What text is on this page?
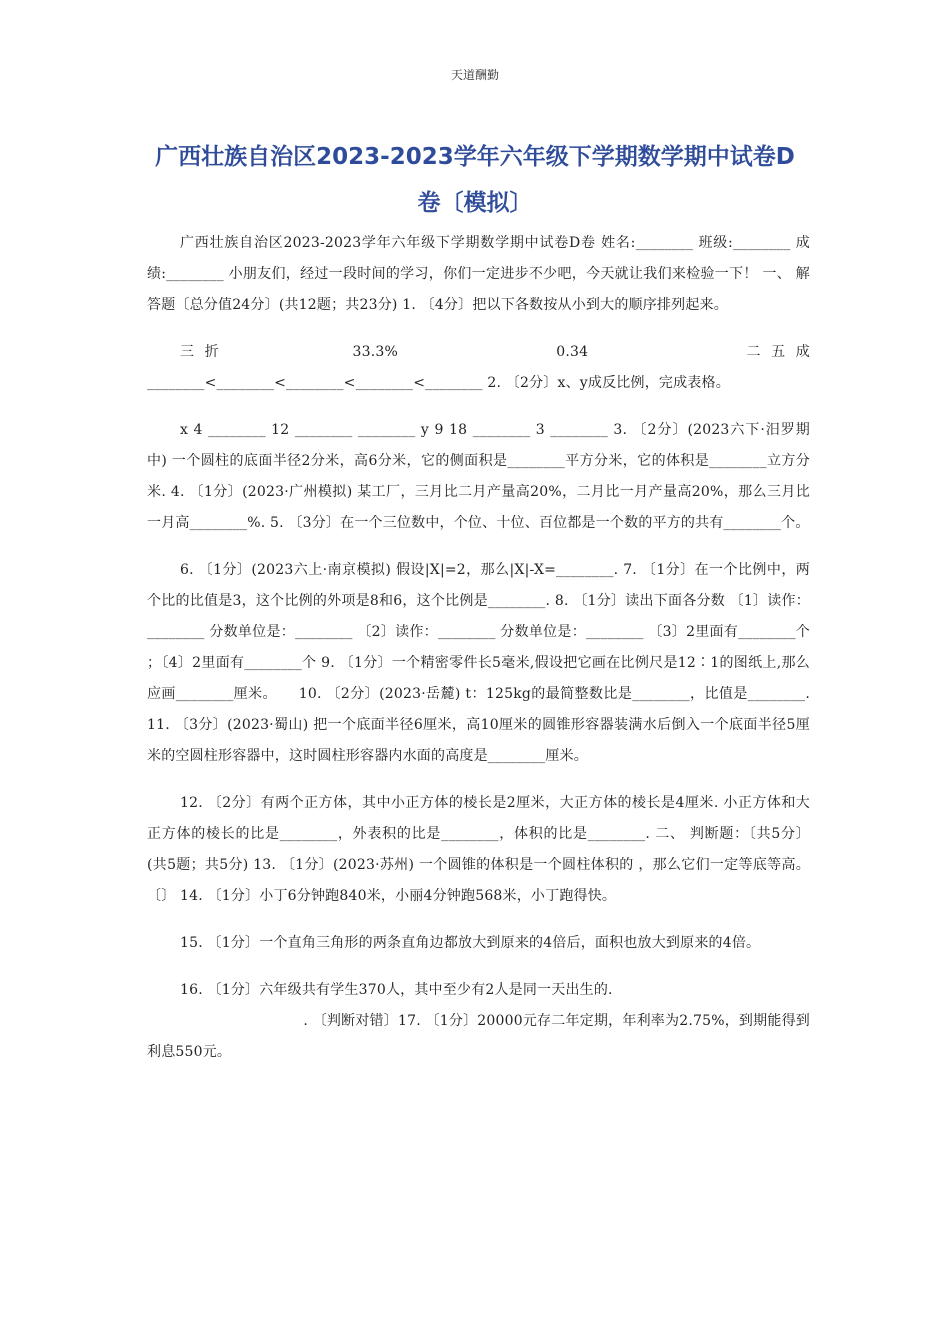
天道酬勤
广西壮族自治区2023-2023学年六年级下学期数学期中试卷D
卷〔模拟〕

广西壮族自治区2023-2023学年六年级下学期数学期中试卷D卷 姓名:________ 班级:________ 成绩:________ 小朋友们，经过一段时间的学习，你们一定进步不少吧，今天就让我们来检验一下！ 一、 解答题〔总分值24分〕(共12题；共23分) 1. 〔4分〕把以下各数按从小到大的顺序排列起来。

三折　　　　　33.3%　　　　　　0.34　　　　　　二五成 ________<________<________<________<________ 2. 〔2分〕x、y成反比例，完成表格。

x 4 ________ 12 ________ ________ y 9 18 ________ 3 ________ 3. 〔2分〕(2023六下·汨罗期中) 一个圆柱的底面半径2分米，高6分米，它的侧面积是________平方分米，它的体积是________立方分米. 4. 〔1分〕(2023·广州模拟) 某工厂，三月比二月产量高20%，二月比一月产量高20%，那么三月比一月高________%. 5. 〔3分〕在一个三位数中，个位、十位、百位都是一个数的平方的共有________个。

6. 〔1分〕(2023六上·南京模拟) 假设|X|=2，那么|X|-X=________. 7. 〔1分〕在一个比例中，两个比的比值是3，这个比例的外项是8和6，这个比例是________. 8. 〔1分〕读出下面各分数 〔1〕读作：________ 分数单位是：________ 〔2〕读作：________ 分数单位是：________ 〔3〕2里面有________个 ；〔4〕2里面有________个 9. 〔1分〕一个精密零件长5毫米,假设把它画在比例尺是12∶1的图纸上,那么应画________厘米。　　10. 〔2分〕(2023·岳麓) t：125kg的最简整数比是________，比值是________. 11. 〔3分〕(2023·蜀山) 把一个底面半径6厘米，高10厘米的圆锥形容器装满水后倒入一个底面半径5厘米的空圆柱形容器中，这时圆柱形容器内水面的高度是________厘米。

12. 〔2分〕有两个正方体，其中小正方体的棱长是2厘米，大正方体的棱长是4厘米. 小正方体和大正方体的棱长的比是________，外表积的比是________，体积的比是________. 二、 判断题：〔共5分〕(共5题；共5分) 13. 〔1分〕(2023·苏州) 一个圆锥的体积是一个圆柱体积的 ，那么它们一定等底等高。〔〕 14. 〔1分〕小丁6分钟跑840米，小丽4分钟跑568米，小丁跑得快。

15. 〔1分〕一个直角三角形的两条直角边都放大到原来的4倍后，面积也放大到原来的4倍。

16. 〔1分〕六年级共有学生370人，其中至少有2人是同一天出生的.

　　　　　　　　　　　. 〔判断对错〕17. 〔1分〕20000元存二年定期，年利率为2.75%，到期能得到利息550元。
